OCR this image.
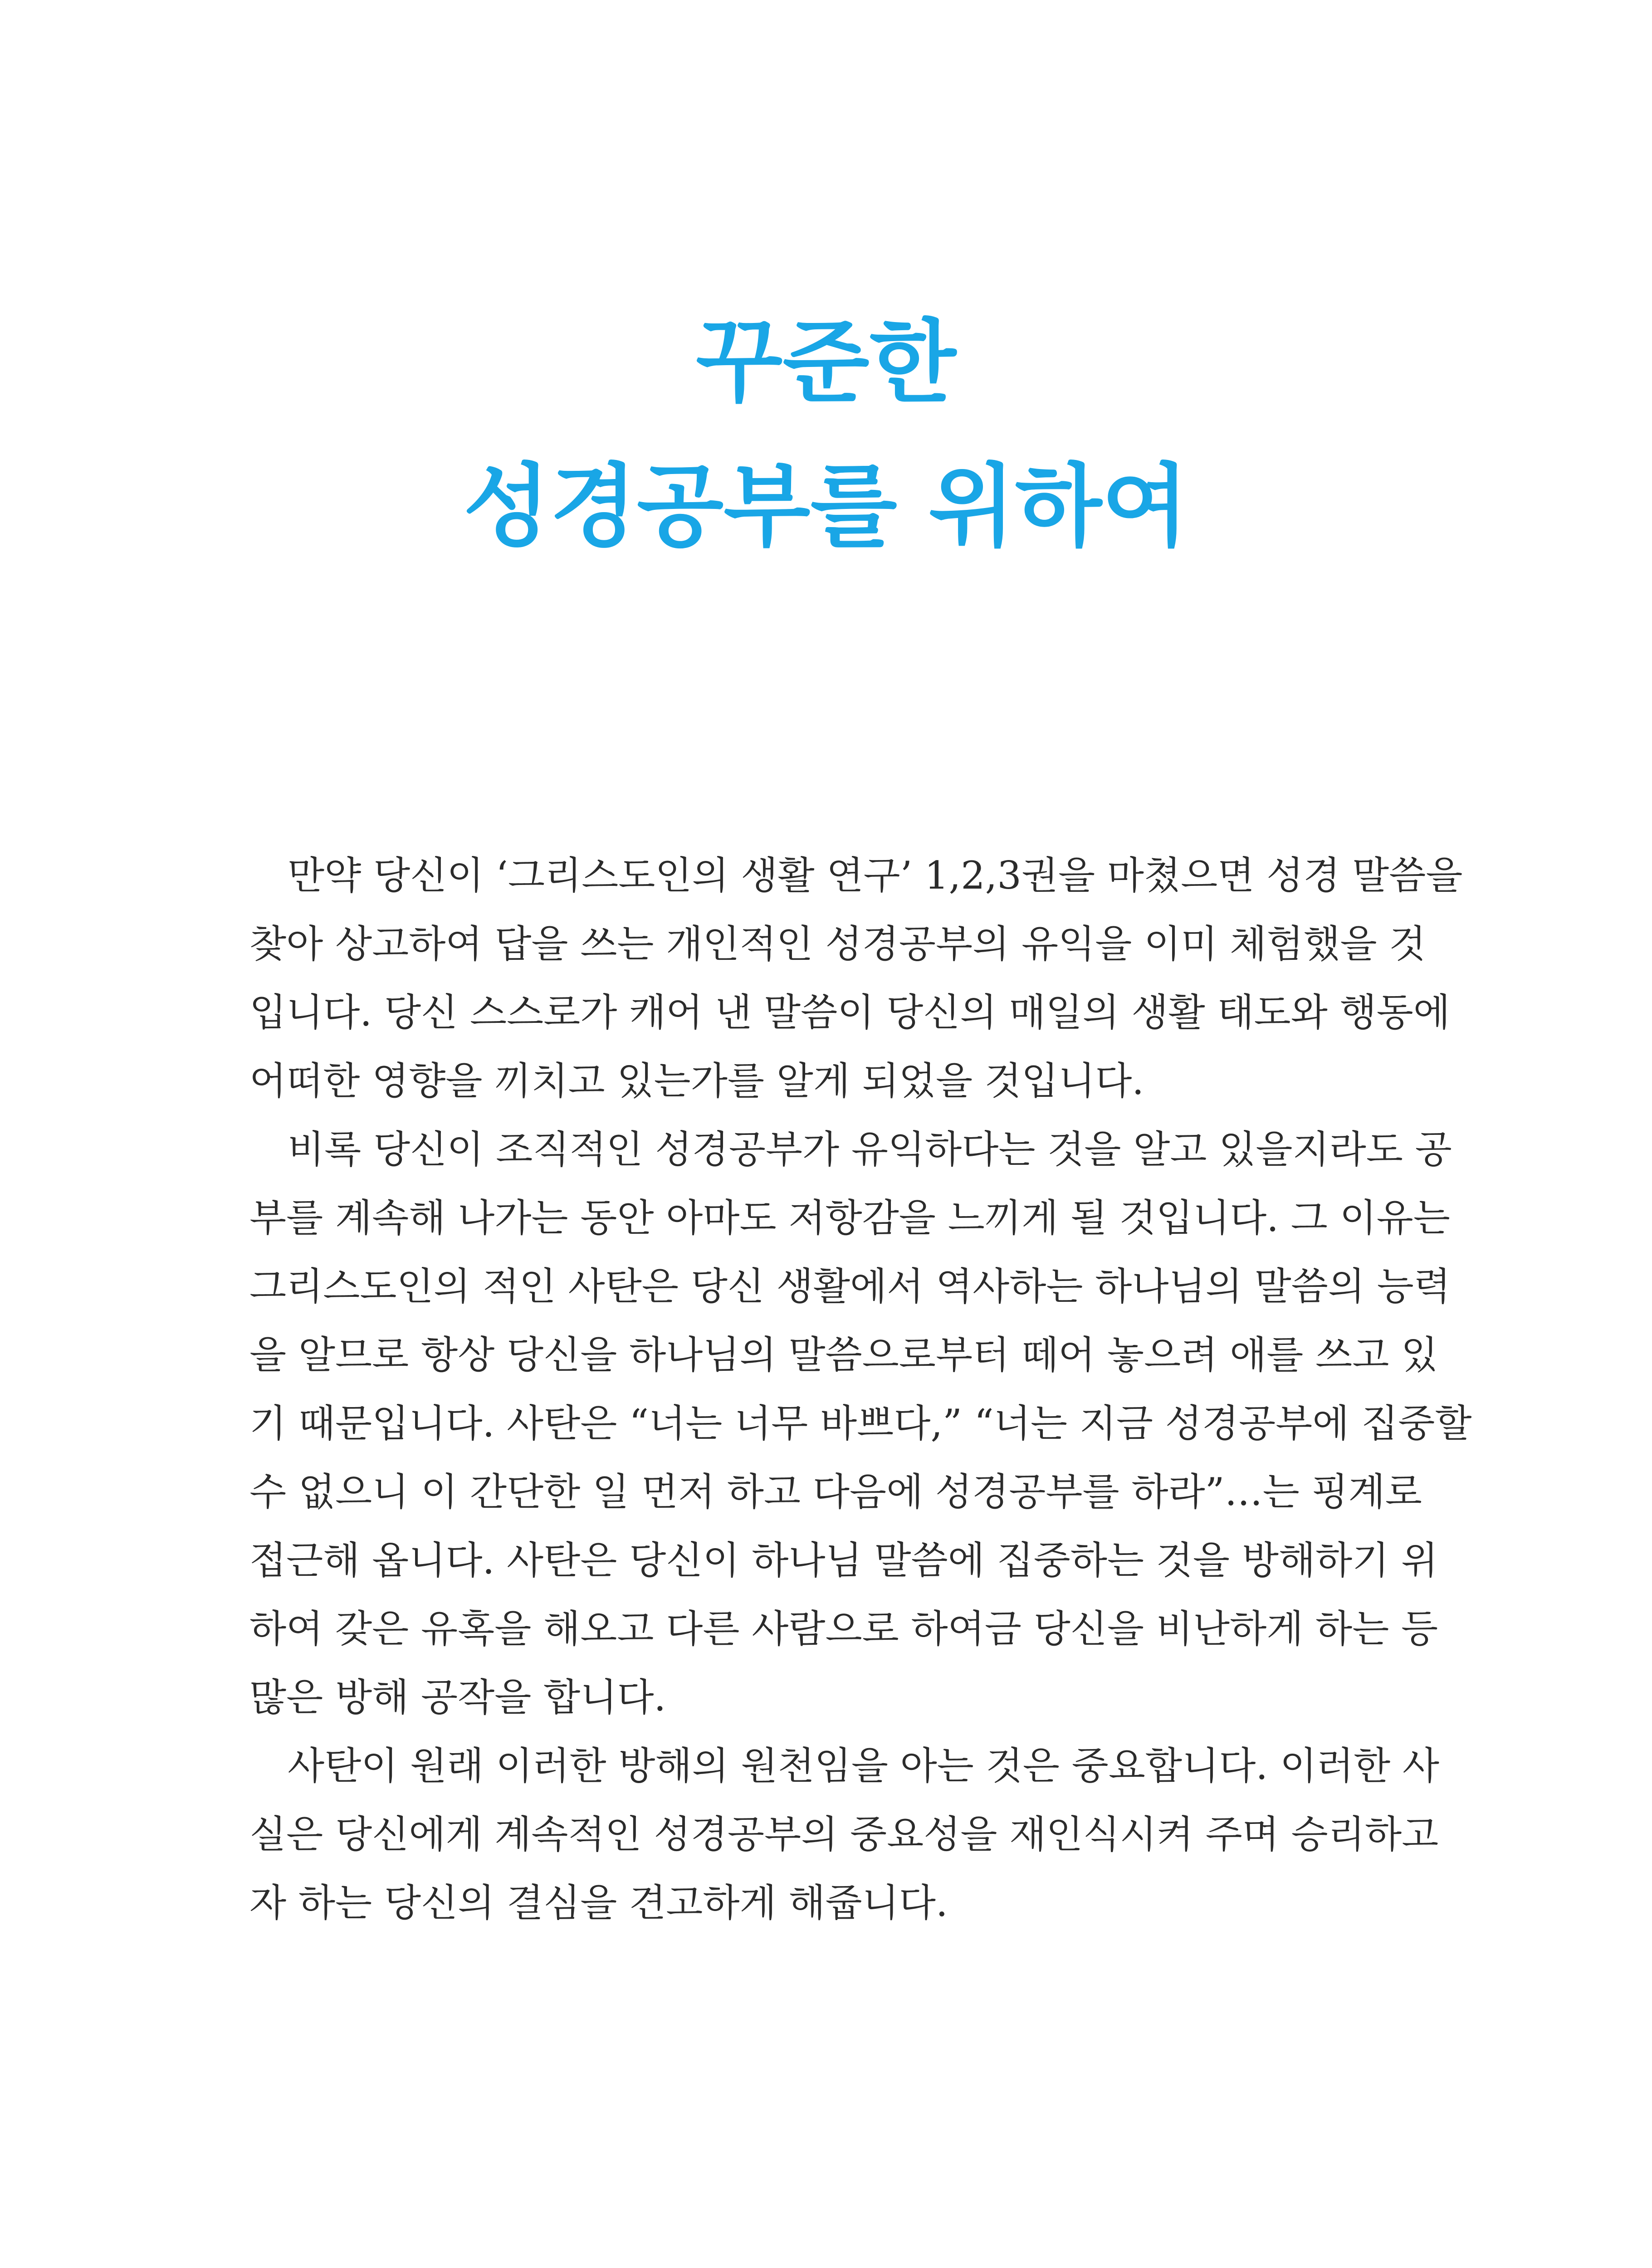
꾸준한
성경공부를 위하여
만약 당신이 ‘그리스도인의 생활 연구’ 1,2,3권을 마쳤으면 성경 말씀을
찾아 상고하여 답을 쓰는 개인적인 성경공부의 유익을 이미 체험했을 것
입니다. 당신 스스로가 캐어 낸 말씀이 당신의 매일의 생활 태도와 행동에
어떠한 영향을 끼치고 있는가를 알게 되었을 것입니다.
비록 당신이 조직적인 성경공부가 유익하다는 것을 알고 있을지라도 공
부를 계속해 나가는 동안 아마도 저항감을 느끼게 될 것입니다. 그 이유는
그리스도인의 적인 사탄은 당신 생활에서 역사하는 하나님의 말씀의 능력
을 알므로 항상 당신을 하나님의 말씀으로부터 떼어 놓으려 애를 쓰고 있
기 때문입니다. 사탄은 “너는 너무 바쁘다,” “너는 지금 성경공부에 집중할
수 없으니 이 간단한 일 먼저 하고 다음에 성경공부를 하라”…는 핑계로
접근해 옵니다. 사탄은 당신이 하나님 말씀에 집중하는 것을 방해하기 위
하여 갖은 유혹을 해오고 다른 사람으로 하여금 당신을 비난하게 하는 등
많은 방해 공작을 합니다.
사탄이 원래 이러한 방해의 원천임을 아는 것은 중요합니다. 이러한 사
실은 당신에게 계속적인 성경공부의 중요성을 재인식시켜 주며 승리하고
자 하는 당신의 결심을 견고하게 해줍니다.
